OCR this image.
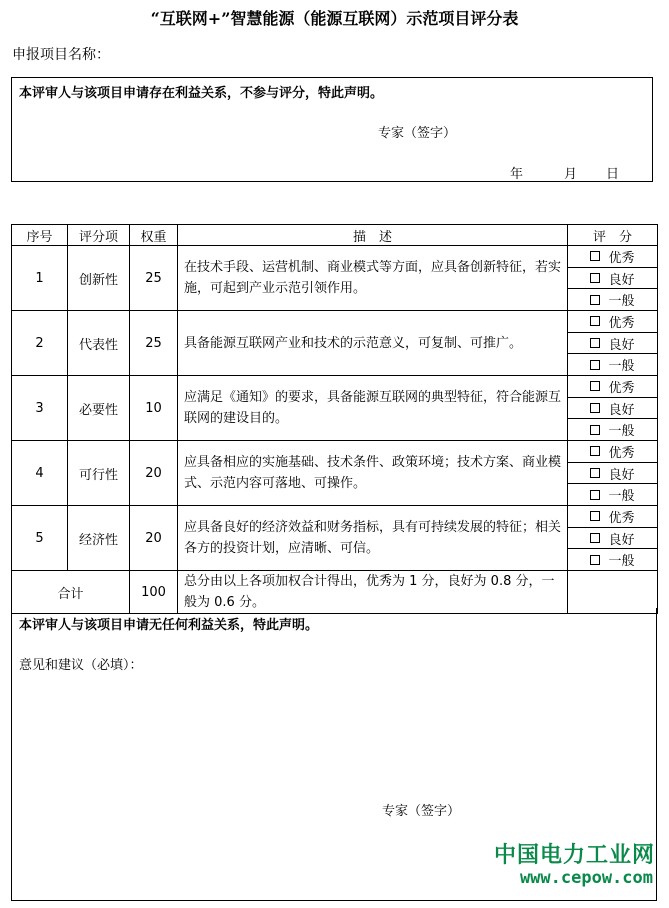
“互联网+”智慧能源（能源互联网）示范项目评分表
申报项目名称：
本评审人与该项目申请存在利益关系，不参与评分，特此声明。
专家（签字）
年	月 日
序号	评分项	权重	描　述	评　分
1	创新性	25	在技术手段、运营机制、商业模式等方面，应具备创新特征，若实施，可起到产业示范引领作用。	优秀
良好
一般

2	代表性	25	具备能源互联网产业和技术的示范意义，可复制、可推广。	优秀
良好
一般

3	必要性	10	应满足《通知》的要求，具备能源互联网的典型特征，符合能源互联网的建设目的。	优秀
良好
一般

4	可行性	20	应具备相应的实施基础、技术条件、政策环境；技术方案、商业模式、示范内容可落地、可操作。	优秀
良好
一般

5	经济性	20	应具备良好的经济效益和财务指标，具有可持续发展的特征；相关各方的投资计划，应清晰、可信。	优秀
良好
一般

合计		100	总分由以上各项加权合计得出，优秀为 1 分，良好为 0.8 分，一般为 0.6 分。	
本评审人与该项目申请无任何利益关系，特此声明。
意见和建议（必填）：
专家（签字）
中国电力工业网
www.cepow.com
